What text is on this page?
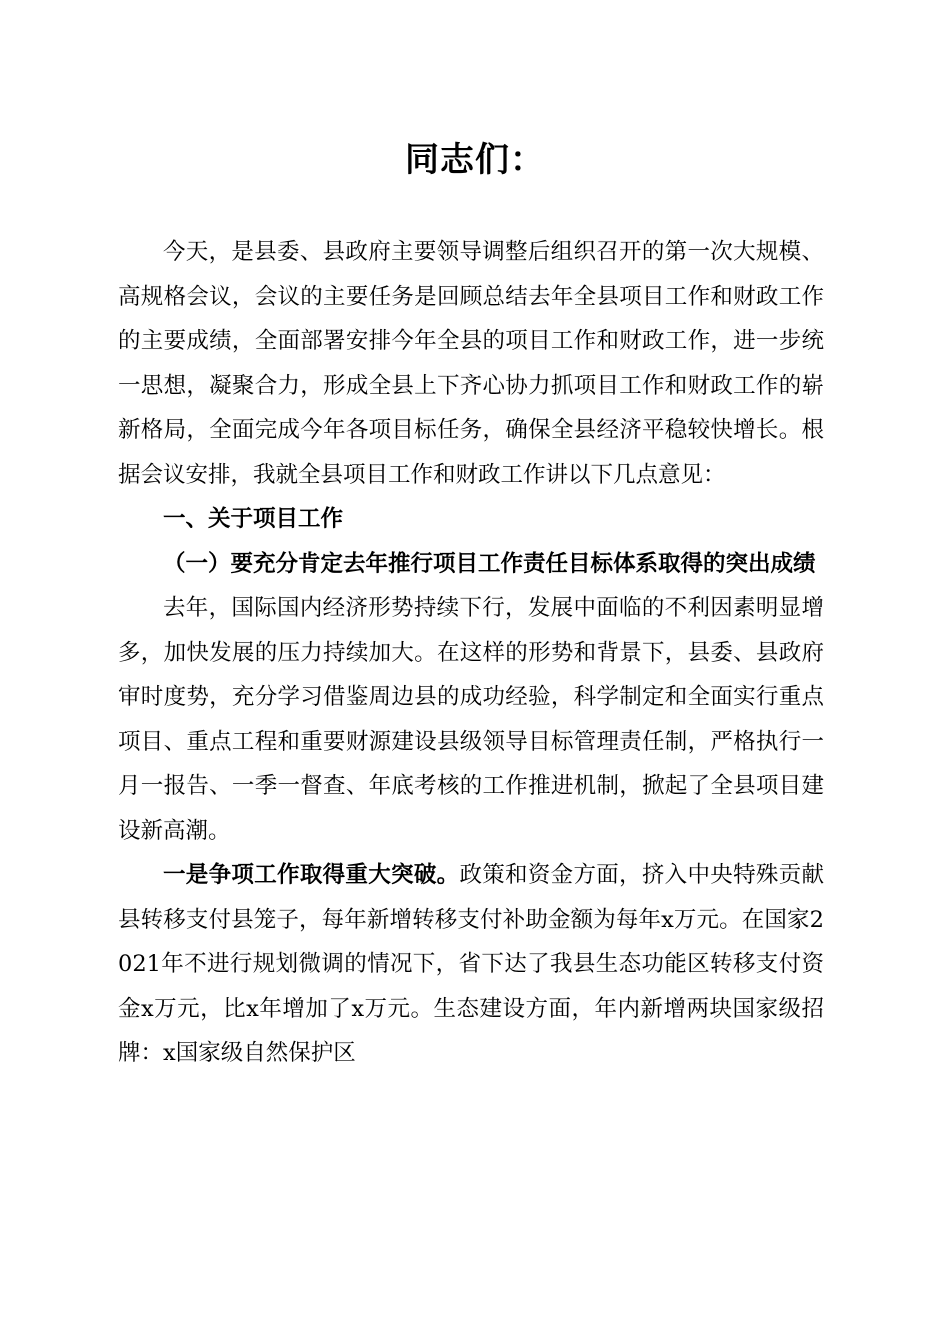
同志们：

今天，是县委、县政府主要领导调整后组织召开的第一次大规模、高规格会议，会议的主要任务是回顾总结去年全县项目工作和财政工作的主要成绩，全面部署安排今年全县的项目工作和财政工作，进一步统一思想，凝聚合力，形成全县上下齐心协力抓项目工作和财政工作的崭新格局，全面完成今年各项目标任务，确保全县经济平稳较快增长。根据会议安排，我就全县项目工作和财政工作讲以下几点意见：

一、关于项目工作

（一）要充分肯定去年推行项目工作责任目标体系取得的突出成绩

去年，国际国内经济形势持续下行，发展中面临的不利因素明显增多，加快发展的压力持续加大。在这样的形势和背景下，县委、县政府审时度势，充分学习借鉴周边县的成功经验，科学制定和全面实行重点项目、重点工程和重要财源建设县级领导目标管理责任制，严格执行一月一报告、一季一督查、年底考核的工作推进机制，掀起了全县项目建设新高潮。

一是争项工作取得重大突破。政策和资金方面，挤入中央特殊贡献县转移支付县笼子，每年新增转移支付补助金额为每年x万元。在国家2021年不进行规划微调的情况下，省下达了我县生态功能区转移支付资金x万元，比x年增加了x万元。生态建设方面，年内新增两块国家级招牌：x国家级自然保护区
